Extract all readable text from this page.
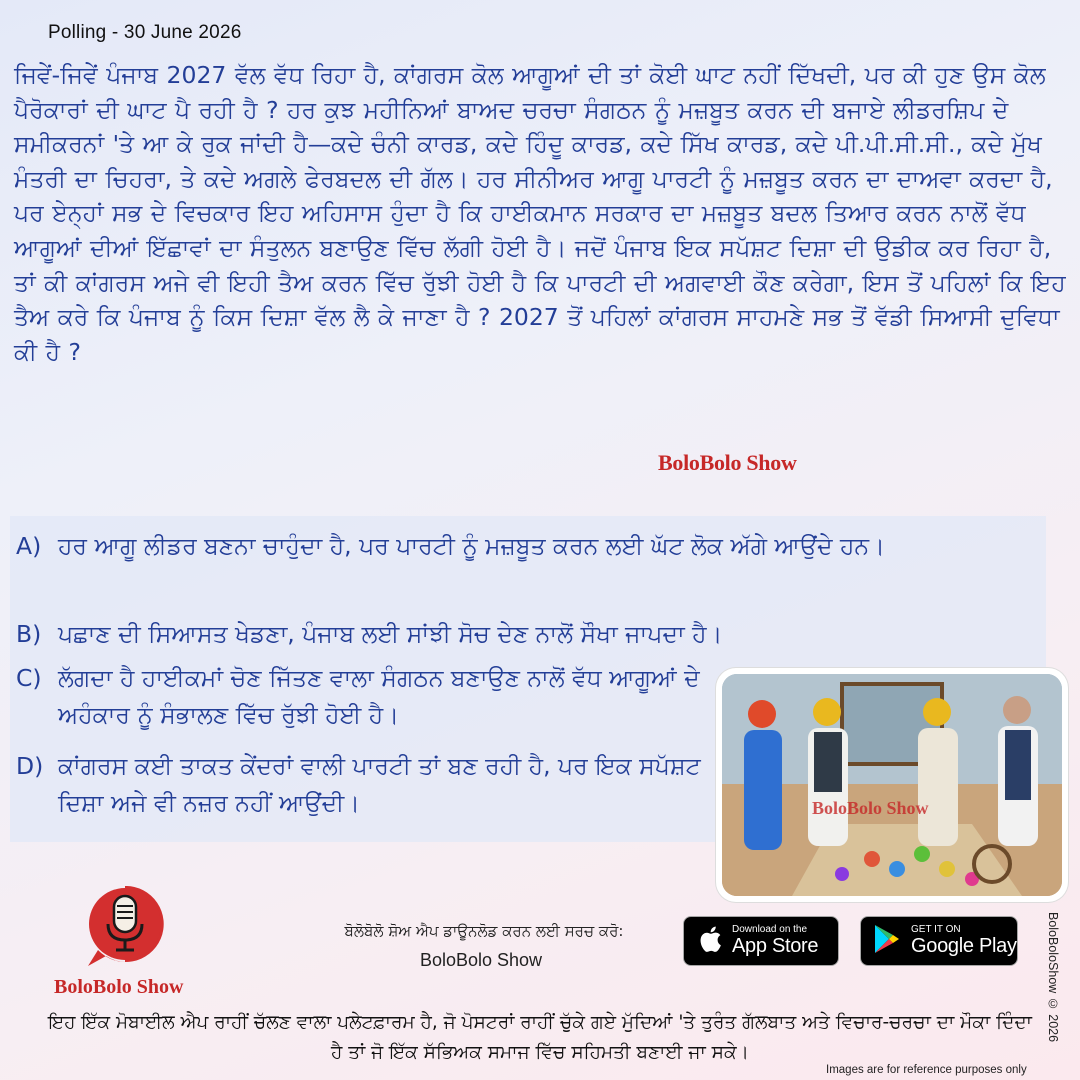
Polling - 30 June 2026
ਜਿਵੇਂ-ਜਿਵੇਂ ਪੰਜਾਬ 2027 ਵੱਲ ਵੱਧ ਰਿਹਾ ਹੈ, ਕਾਂਗਰਸ ਕੋਲ ਆਗੂਆਂ ਦੀ ਤਾਂ ਕੋਈ ਘਾਟ ਨਹੀਂ ਦਿੱਖਦੀ, ਪਰ ਕੀ ਹੁਣ ਉਸ ਕੋਲ ਪੈਰੋਕਾਰਾਂ ਦੀ ਘਾਟ ਪੈ ਰਹੀ ਹੈ ? ਹਰ ਕੁਝ ਮਹੀਨਿਆਂ ਬਾਅਦ ਚਰਚਾ ਸੰਗਠਨ ਨੂੰ ਮਜ਼ਬੂਤ ਕਰਨ ਦੀ ਬਜਾਏ ਲੀਡਰਸ਼ਿਪ ਦੇ ਸਮੀਕਰਨਾਂ 'ਤੇ ਆ ਕੇ ਰੁਕ ਜਾਂਦੀ ਹੈ—ਕਦੇ ਚੰਨੀ ਕਾਰਡ, ਕਦੇ ਹਿੰਦੂ ਕਾਰਡ, ਕਦੇ ਸਿੱਖ ਕਾਰਡ, ਕਦੇ ਪੀ.ਪੀ.ਸੀ.ਸੀ., ਕਦੇ ਮੁੱਖ ਮੰਤਰੀ ਦਾ ਚਿਹਰਾ, ਤੇ ਕਦੇ ਅਗਲੇ ਫੇਰਬਦਲ ਦੀ ਗੱਲ। ਹਰ ਸੀਨੀਅਰ ਆਗੂ ਪਾਰਟੀ ਨੂੰ ਮਜ਼ਬੂਤ ਕਰਨ ਦਾ ਦਾਅਵਾ ਕਰਦਾ ਹੈ, ਪਰ ਏਨ੍ਹਾਂ ਸਭ ਦੇ ਵਿਚਕਾਰ ਇਹ ਅਹਿਸਾਸ ਹੁੰਦਾ ਹੈ ਕਿ ਹਾਈਕਮਾਨ ਸਰਕਾਰ ਦਾ ਮਜ਼ਬੂਤ ਬਦਲ ਤਿਆਰ ਕਰਨ ਨਾਲੋਂ ਵੱਧ ਆਗੂਆਂ ਦੀਆਂ ਇੱਛਾਵਾਂ ਦਾ ਸੰਤੁਲਨ ਬਣਾਉਣ ਵਿੱਚ ਲੱਗੀ ਹੋਈ ਹੈ। ਜਦੋਂ ਪੰਜਾਬ ਇਕ ਸਪੱਸ਼ਟ ਦਿਸ਼ਾ ਦੀ ਉਡੀਕ ਕਰ ਰਿਹਾ ਹੈ, ਤਾਂ ਕੀ ਕਾਂਗਰਸ ਅਜੇ ਵੀ ਇਹੀ ਤੈਅ ਕਰਨ ਵਿੱਚ ਰੁੱਝੀ ਹੋਈ ਹੈ ਕਿ ਪਾਰਟੀ ਦੀ ਅਗਵਾਈ ਕੌਣ ਕਰੇਗਾ, ਇਸ ਤੋਂ ਪਹਿਲਾਂ ਕਿ ਇਹ ਤੈਅ ਕਰੇ ਕਿ ਪੰਜਾਬ ਨੂੰ ਕਿਸ ਦਿਸ਼ਾ ਵੱਲ ਲੈ ਕੇ ਜਾਣਾ ਹੈ ? 2027 ਤੋਂ ਪਹਿਲਾਂ ਕਾਂਗਰਸ ਸਾਹਮਣੇ ਸਭ ਤੋਂ ਵੱਡੀ ਸਿਆਸੀ ਦੁਵਿਧਾ ਕੀ ਹੈ ?
BoloBolo Show
A) ਹਰ ਆਗੂ ਲੀਡਰ ਬਣਨਾ ਚਾਹੁੰਦਾ ਹੈ, ਪਰ ਪਾਰਟੀ ਨੂੰ ਮਜ਼ਬੂਤ ਕਰਨ ਲਈ ਘੱਟ ਲੋਕ ਅੱਗੇ ਆਉਂਦੇ ਹਨ।
B) ਪਛਾਣ ਦੀ ਸਿਆਸਤ ਖੇਡਣਾ, ਪੰਜਾਬ ਲਈ ਸਾਂਝੀ ਸੋਚ ਦੇਣ ਨਾਲੋਂ ਸੌਖਾ ਜਾਪਦਾ ਹੈ।
C) ਲੱਗਦਾ ਹੈ ਹਾਈਕਮਾਂ ਚੋਣ ਜਿੱਤਣ ਵਾਲਾ ਸੰਗਠਨ ਬਣਾਉਣ ਨਾਲੋਂ ਵੱਧ ਆਗੂਆਂ ਦੇ ਅਹੰਕਾਰ ਨੂੰ ਸੰਭਾਲਣ ਵਿੱਚ ਰੁੱਝੀ ਹੋਈ ਹੈ।
D) ਕਾਂਗਰਸ ਕਈ ਤਾਕਤ ਕੇਂਦਰਾਂ ਵਾਲੀ ਪਾਰਟੀ ਤਾਂ ਬਣ ਰਹੀ ਹੈ, ਪਰ ਇਕ ਸਪੱਸ਼ਟ ਦਿਸ਼ਾ ਅਜੇ ਵੀ ਨਜ਼ਰ ਨਹੀਂ ਆਉਂਦੀ।	BoloBolo Show
BoloBolo Show
ਬੋਲੋਬੋਲੋ ਸ਼ੋਅ ਐਪ ਡਾਊਨਲੋਡ ਕਰਨ ਲਈ ਸਰਚ ਕਰੋ:
BoloBolo Show
Download on the
App Store
GET IT ON
Google Play
ਇਹ ਇੱਕ ਮੋਬਾਈਲ ਐਪ ਰਾਹੀਂ ਚੱਲਣ ਵਾਲਾ ਪਲੇਟਫ਼ਾਰਮ ਹੈ, ਜੋ ਪੋਸਟਰਾਂ ਰਾਹੀਂ ਚੁੱਕੇ ਗਏ ਮੁੱਦਿਆਂ 'ਤੇ ਤੁਰੰਤ ਗੱਲਬਾਤ ਅਤੇ ਵਿਚਾਰ-ਚਰਚਾ ਦਾ ਮੌਕਾ ਦਿੰਦਾ ਹੈ ਤਾਂ ਜੋ ਇੱਕ ਸੱਭਿਅਕ ਸਮਾਜ ਵਿੱਚ ਸਹਿਮਤੀ ਬਣਾਈ ਜਾ ਸਕੇ।
BoloBoloShow © 2026
Images are for reference purposes only
